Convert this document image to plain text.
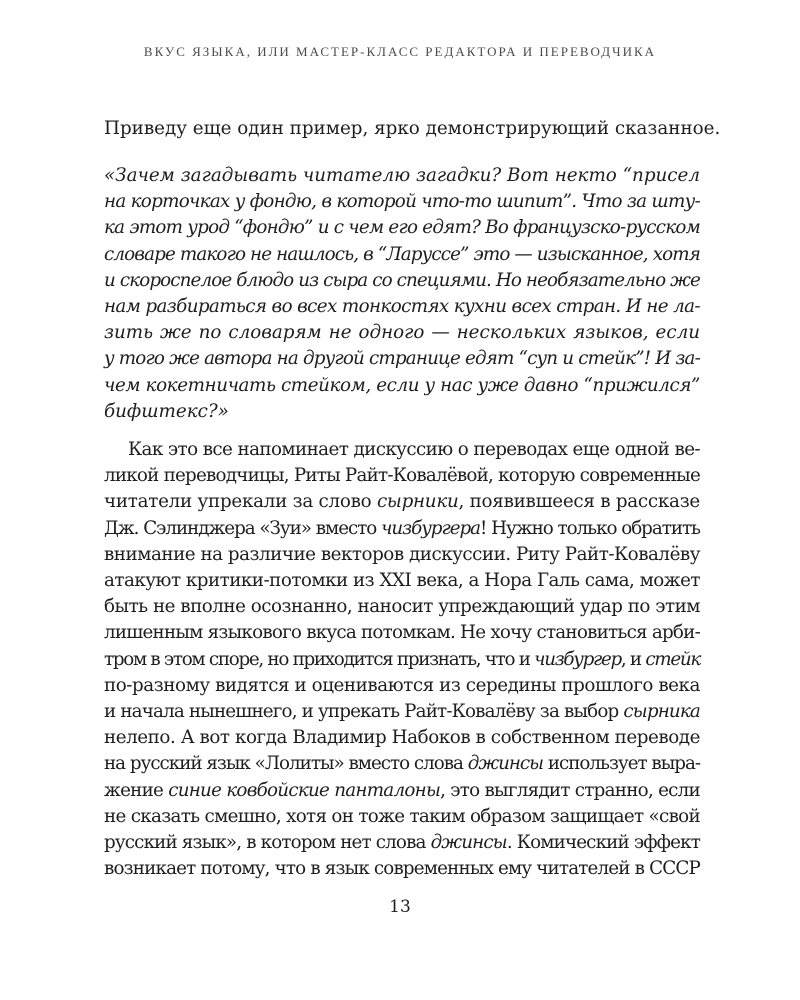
ВКУС ЯЗЫКА, ИЛИ МАСТЕР-КЛАСС РЕДАКТОРА И ПЕРЕВОДЧИКА
Приведу еще один пример, ярко демонстрирующий сказанное.
«Зачем загадывать читателю загадки? Вот некто “присел
на корточках у фондю, в которой что-то шипит”. Что за шту-
ка этот урод “фондю” и с чем его едят? Во французско-русском
словаре такого не нашлось, в “Ларуссе” это — изысканное, хотя
и скороспелое блюдо из сыра со специями. Но необязательно же
нам разбираться во всех тонкостях кухни всех стран. И не ла-
зить же по словарям не одного — нескольких языков, если
у того же автора на другой странице едят “суп и стейк”! И за-
чем кокетничать стейком, если у нас уже давно “прижился”
бифштекс?»
Как это все напоминает дискуссию о переводах еще одной ве-
ликой переводчицы, Риты Райт-Ковалёвой, которую современные
читатели упрекали за слово сырники, появившееся в рассказе
Дж. Сэлинджера «Зуи» вместо чизбургера! Нужно только обратить
внимание на различие векторов дискуссии. Риту Райт-Ковалёву
атакуют критики-потомки из XXI века, а Нора Галь сама, может
быть не вполне осознанно, наносит упреждающий удар по этим
лишенным языкового вкуса потомкам. Не хочу становиться арби-
тром в этом споре, но приходится признать, что и чизбургер, и стейк
по-разному видятся и оцениваются из середины прошлого века
и начала нынешнего, и упрекать Райт-Ковалёву за выбор сырника
нелепо. А вот когда Владимир Набоков в собственном переводе
на русский язык «Лолиты» вместо слова джинсы использует выра-
жение синие ковбойские панталоны, это выглядит странно, если
не сказать смешно, хотя он тоже таким образом защищает «свой
русский язык», в котором нет слова джинсы. Комический эффект
возникает потому, что в язык современных ему читателей в СССР
13
